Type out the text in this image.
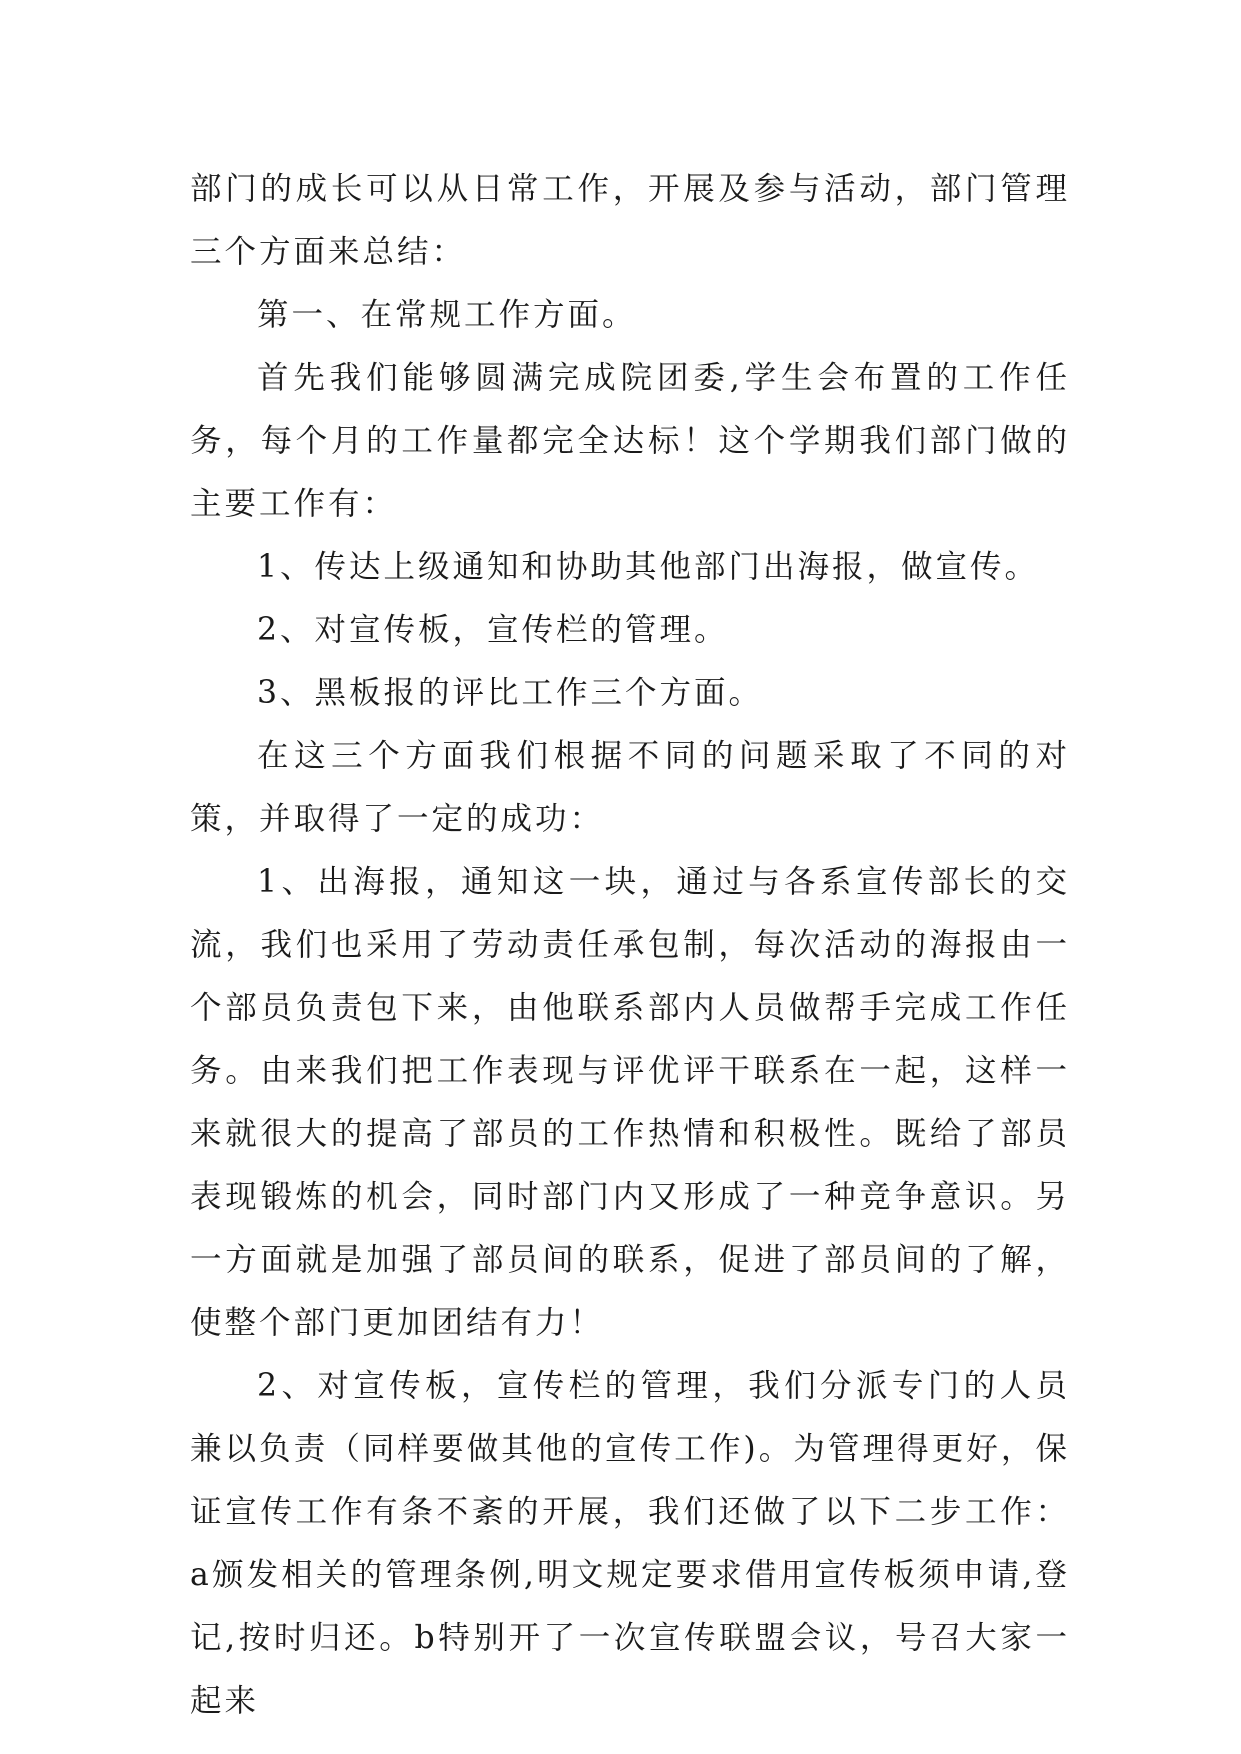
部门的成长可以从日常工作，开展及参与活动，部门管理三个方面来总结：

第一、在常规工作方面。

首先我们能够圆满完成院团委,学生会布置的工作任务，每个月的工作量都完全达标！这个学期我们部门做的主要工作有：

1、传达上级通知和协助其他部门出海报，做宣传。

2、对宣传板，宣传栏的管理。

3、黑板报的评比工作三个方面。

在这三个方面我们根据不同的问题采取了不同的对策，并取得了一定的成功：

1、出海报，通知这一块，通过与各系宣传部长的交流，我们也采用了劳动责任承包制，每次活动的海报由一个部员负责包下来，由他联系部内人员做帮手完成工作任务。由来我们把工作表现与评优评干联系在一起，这样一来就很大的提高了部员的工作热情和积极性。既给了部员表现锻炼的机会，同时部门内又形成了一种竞争意识。另一方面就是加强了部员间的联系，促进了部员间的了解，使整个部门更加团结有力！

2、对宣传板，宣传栏的管理，我们分派专门的人员兼以负责（同样要做其他的宣传工作)。为管理得更好，保证宣传工作有条不紊的开展，我们还做了以下二步工作：a颁发相关的管理条例,明文规定要求借用宣传板须申请,登记,按时归还。b特别开了一次宣传联盟会议，号召大家一起来
